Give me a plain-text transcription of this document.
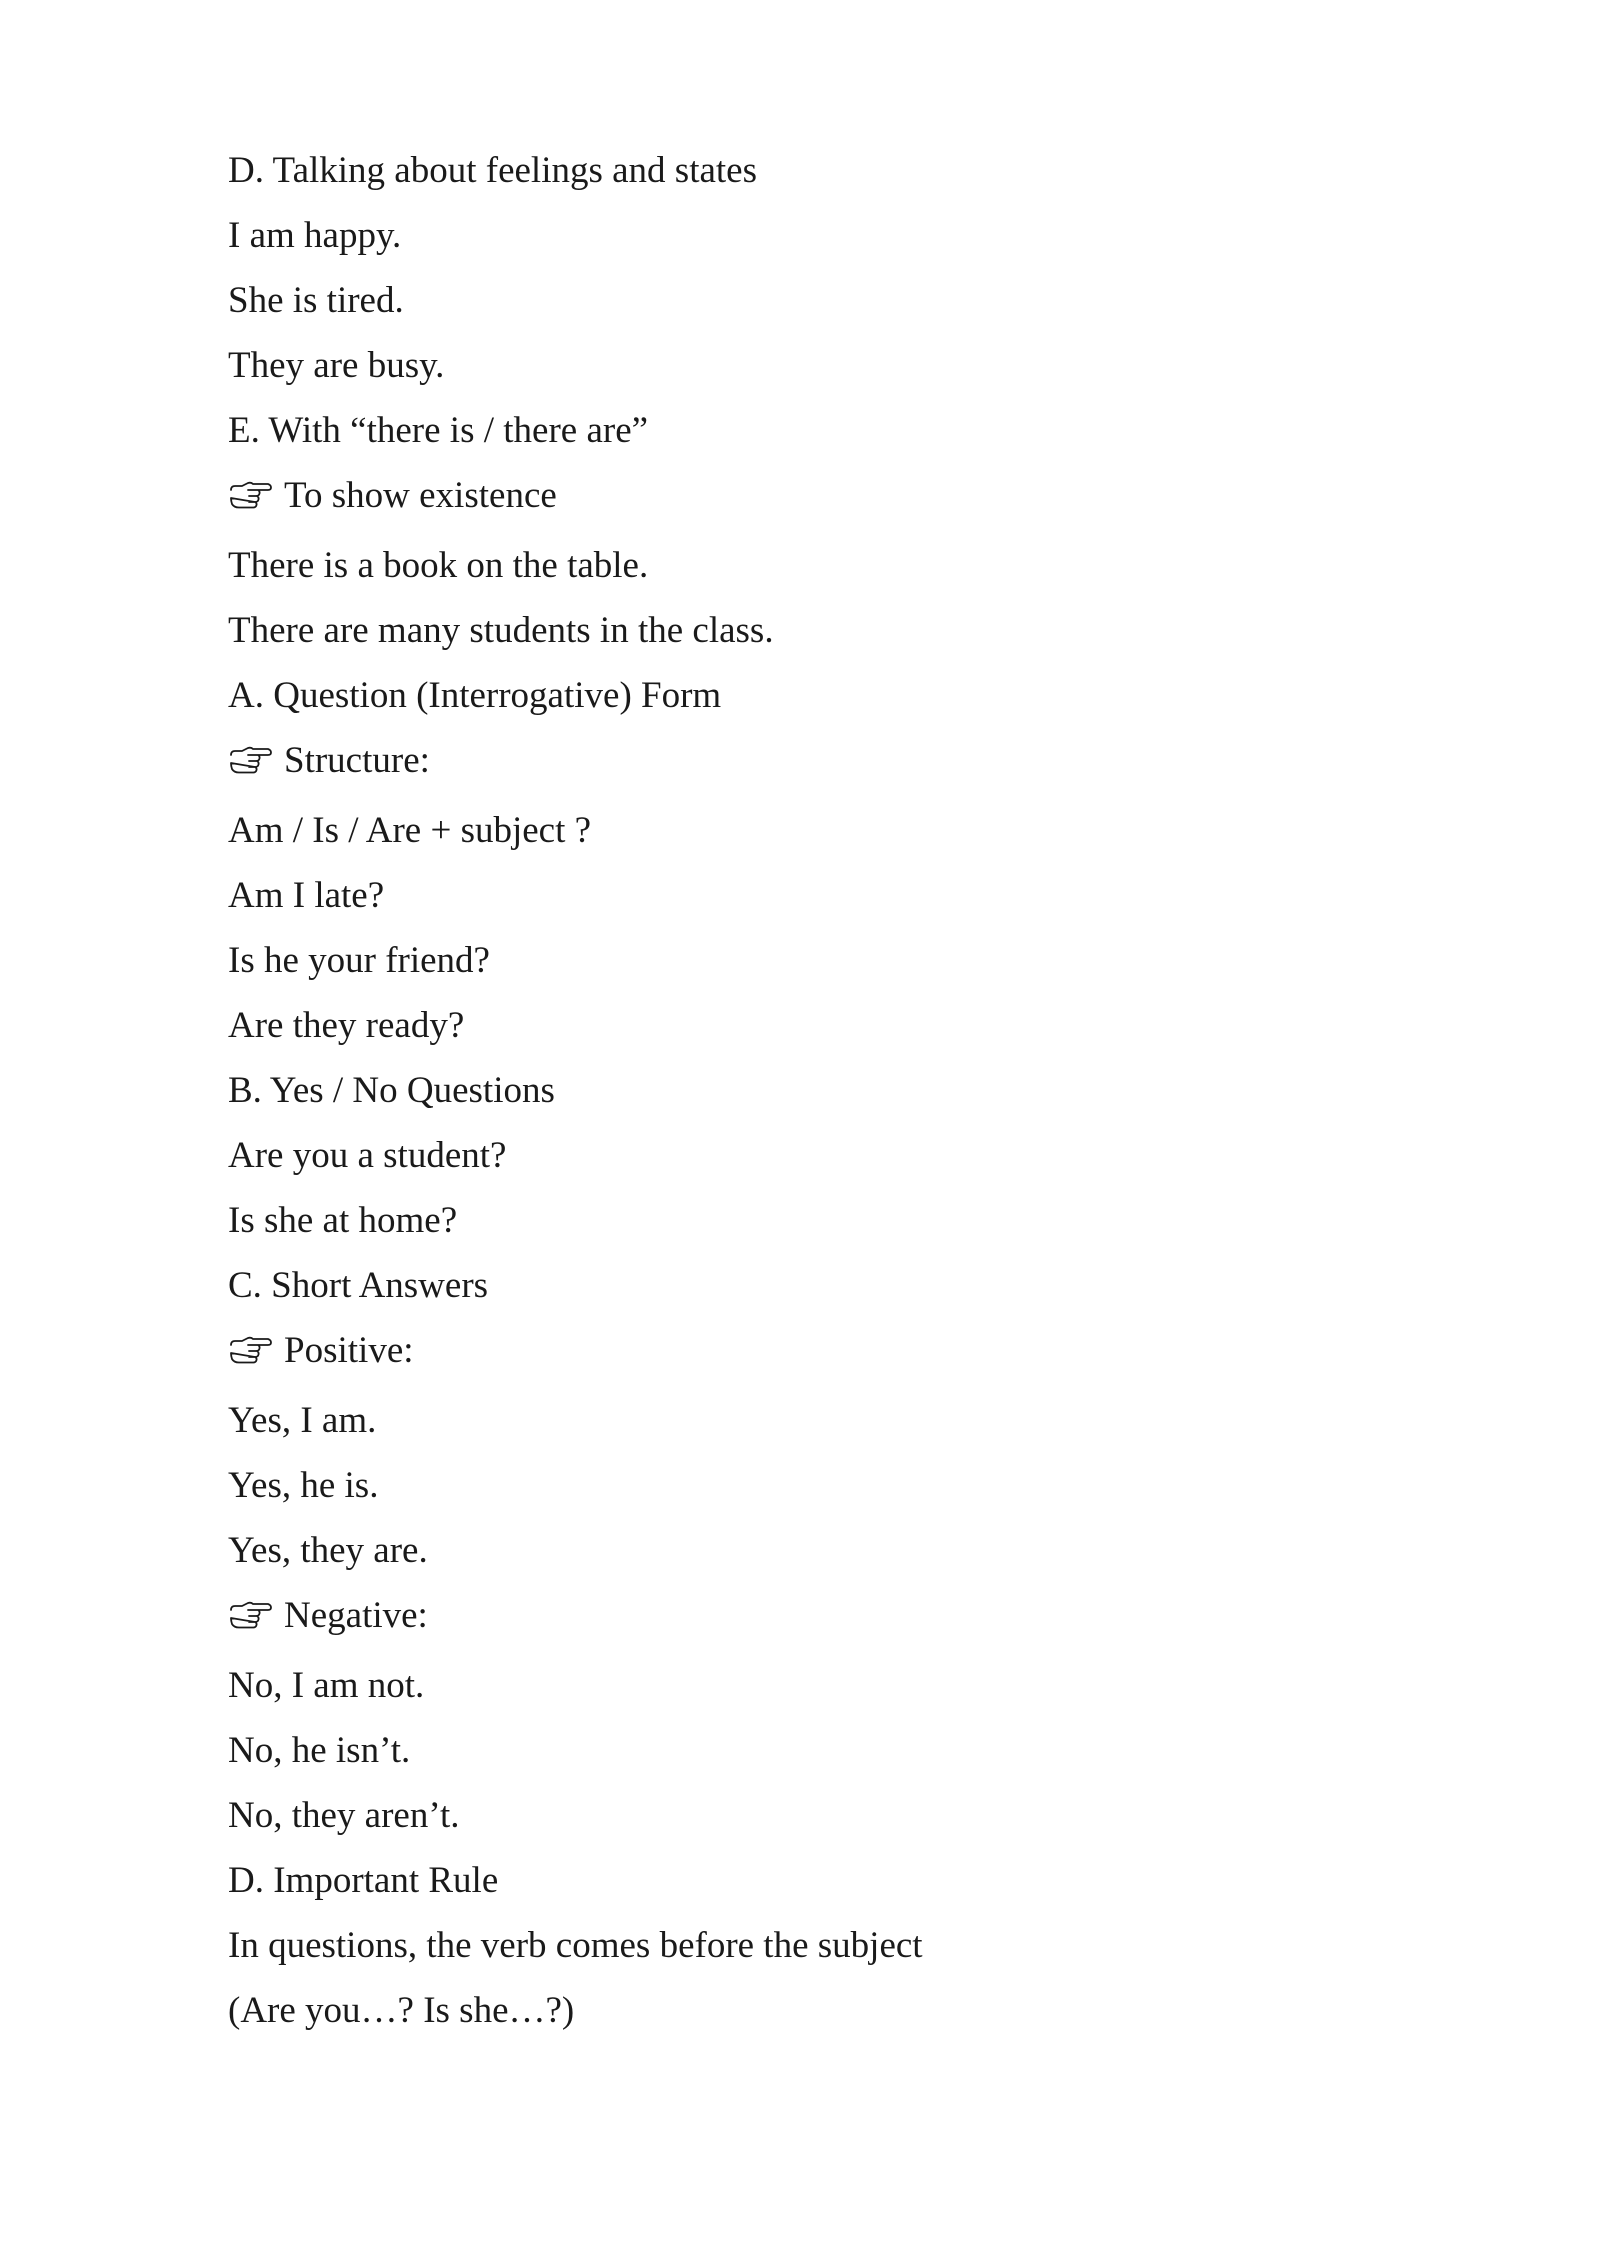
D. Talking about feelings and states
I am happy.
She is tired.
They are busy.
E. With “there is / there are”
To show existence
There is a book on the table.
There are many students in the class.
A. Question (Interrogative) Form
Structure:
Am / Is / Are + subject ?
Am I late?
Is he your friend?
Are they ready?
B. Yes / No Questions
Are you a student?
Is she at home?
C. Short Answers
Positive:
Yes, I am.
Yes, he is.
Yes, they are.
Negative:
No, I am not.
No, he isn’t.
No, they aren’t.
D. Important Rule
In questions, the verb comes before the subject
(Are you…? Is she…?)
